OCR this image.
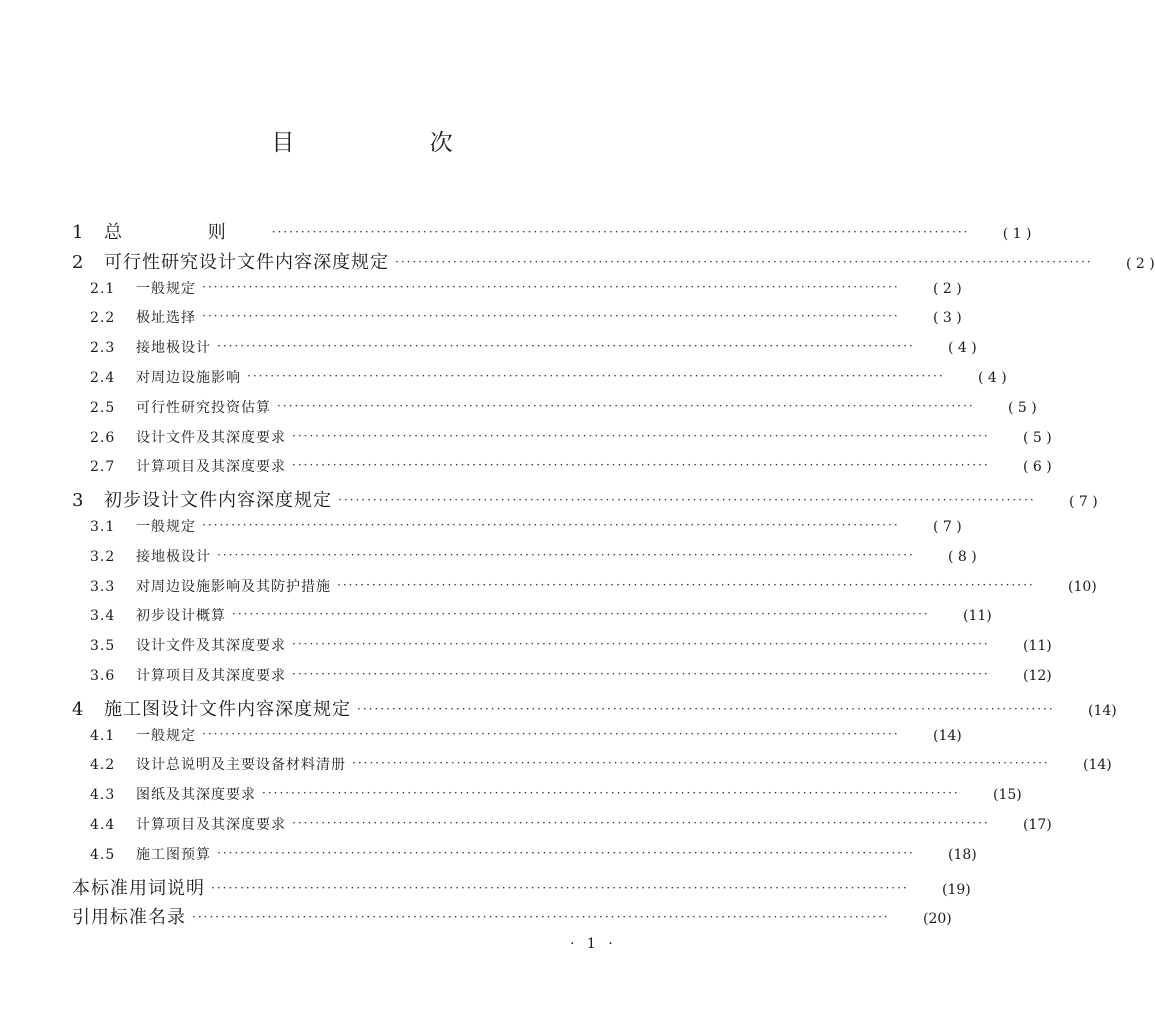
目 次
1	总 则 ························································································································	( 1 )
2	可行性研究设计文件内容深度规定 ························································································································	( 2 )
2.1	一般规定 ························································································································	( 2 )
2.2	极址选择 ························································································································	( 3 )
2.3	接地极设计 ························································································································	( 4 )
2.4	对周边设施影响 ························································································································	( 4 )
2.5	可行性研究投资估算 ························································································································	( 5 )
2.6	设计文件及其深度要求 ························································································································	( 5 )
2.7	计算项目及其深度要求 ························································································································	( 6 )
3	初步设计文件内容深度规定 ························································································································	( 7 )
3.1	一般规定 ························································································································	( 7 )
3.2	接地极设计 ························································································································	( 8 )
3.3	对周边设施影响及其防护措施 ························································································································	(10)
3.4	初步设计概算 ························································································································	(11)
3.5	设计文件及其深度要求 ························································································································	(11)
3.6	计算项目及其深度要求 ························································································································	(12)
4	施工图设计文件内容深度规定 ························································································································	(14)
4.1	一般规定 ························································································································	(14)
4.2	设计总说明及主要设备材料清册 ························································································································	(14)
4.3	图纸及其深度要求 ························································································································	(15)
4.4	计算项目及其深度要求 ························································································································	(17)
4.5	施工图预算 ························································································································	(18)
本标准用词说明 ························································································································	(19)
引用标准名录 ························································································································	(20)
· 1 ·
